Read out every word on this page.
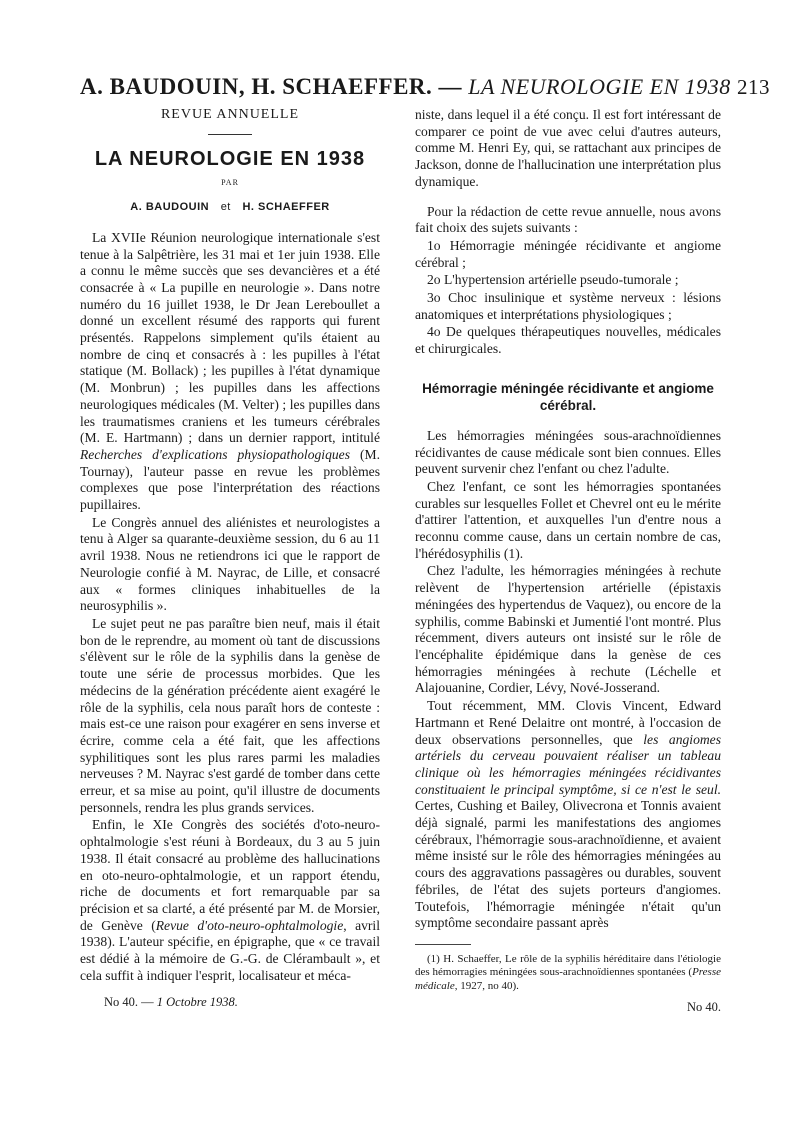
A. BAUDOUIN, H. SCHAEFFER. — LA NEUROLOGIE EN 1938 213
REVUE ANNUELLE
LA NEUROLOGIE EN 1938
PAR
A. BAUDOUIN et H. SCHAEFFER

La XVIIe Réunion neurologique internationale s'est tenue à la Salpêtrière, les 31 mai et 1er juin 1938. Elle a connu le même succès que ses devancières et a été consacrée à « La pupille en neurologie ». Dans notre numéro du 16 juillet 1938, le Dr Jean Lereboullet a donné un excellent résumé des rapports qui furent présentés. Rappelons simplement qu'ils étaient au nombre de cinq et consacrés à : les pupilles à l'état statique (M. Bollack) ; les pupilles à l'état dynamique (M. Monbrun) ; les pupilles dans les affections neurologiques médicales (M. Velter) ; les pupilles dans les traumatismes craniens et les tumeurs cérébrales (M. E. Hartmann) ; dans un dernier rapport, intitulé Recherches d'explications physiopathologiques (M. Tournay), l'auteur passe en revue les problèmes complexes que pose l'interprétation des réactions pupillaires.

Le Congrès annuel des aliénistes et neurologistes a tenu à Alger sa quarante-deuxième session, du 6 au 11 avril 1938. Nous ne retiendrons ici que le rapport de Neurologie confié à M. Nayrac, de Lille, et consacré aux « formes cliniques inhabituelles de la neurosyphilis ».

Le sujet peut ne pas paraître bien neuf, mais il était bon de le reprendre, au moment où tant de discussions s'élèvent sur le rôle de la syphilis dans la genèse de toute une série de processus morbides. Que les médecins de la génération précédente aient exagéré le rôle de la syphilis, cela nous paraît hors de conteste : mais est-ce une raison pour exagérer en sens inverse et écrire, comme cela a été fait, que les affections syphilitiques sont les plus rares parmi les maladies nerveuses ? M. Nayrac s'est gardé de tomber dans cette erreur, et sa mise au point, qu'il illustre de documents personnels, rendra les plus grands services.

Enfin, le XIe Congrès des sociétés d'oto-neuro-ophtalmologie s'est réuni à Bordeaux, du 3 au 5 juin 1938. Il était consacré au problème des hallucinations en oto-neuro-ophtalmologie, et un rapport étendu, riche de documents et fort remarquable par sa précision et sa clarté, a été présenté par M. de Morsier, de Genève (Revue d'oto-neuro-ophtalmologie, avril 1938). L'auteur spécifie, en épigraphe, que « ce travail est dédié à la mémoire de G.-G. de Clérambault », et cela suffit à indiquer l'esprit, localisateur et méca-

No 40. — 1 Octobre 1938.

niste, dans lequel il a été conçu. Il est fort intéressant de comparer ce point de vue avec celui d'autres auteurs, comme M. Henri Ey, qui, se rattachant aux principes de Jackson, donne de l'hallucination une interprétation plus dynamique.

Pour la rédaction de cette revue annuelle, nous avons fait choix des sujets suivants :

1o Hémorragie méningée récidivante et angiome cérébral ;

2o L'hypertension artérielle pseudo-tumorale ;

3o Choc insulinique et système nerveux : lésions anatomiques et interprétations physiologiques ;

4o De quelques thérapeutiques nouvelles, médicales et chirurgicales.

Hémorragie méningée récidivante et angiome cérébral.

Les hémorragies méningées sous-arachnoïdiennes récidivantes de cause médicale sont bien connues. Elles peuvent survenir chez l'enfant ou chez l'adulte.

Chez l'enfant, ce sont les hémorragies spontanées curables sur lesquelles Follet et Chevrel ont eu le mérite d'attirer l'attention, et auxquelles l'un d'entre nous a reconnu comme cause, dans un certain nombre de cas, l'hérédosyphilis (1).

Chez l'adulte, les hémorragies méningées à rechute relèvent de l'hypertension artérielle (épistaxis méningées des hypertendus de Vaquez), ou encore de la syphilis, comme Babinski et Jumentié l'ont montré. Plus récemment, divers auteurs ont insisté sur le rôle de l'encéphalite épidémique dans la genèse de ces hémorragies méningées à rechute (Léchelle et Alajouanine, Cordier, Lévy, Nové-Josserand.

Tout récemment, MM. Clovis Vincent, Edward Hartmann et René Delaitre ont montré, à l'occasion de deux observations personnelles, que les angiomes artériels du cerveau pouvaient réaliser un tableau clinique où les hémorragies méningées récidivantes constituaient le principal symptôme, si ce n'est le seul. Certes, Cushing et Bailey, Olivecrona et Tonnis avaient déjà signalé, parmi les manifestations des angiomes cérébraux, l'hémorragie sous-arachnoïdienne, et avaient même insisté sur le rôle des hémorragies méningées au cours des aggravations passagères ou durables, souvent fébriles, de l'état des sujets porteurs d'angiomes. Toutefois, l'hémorragie méningée n'était qu'un symptôme secondaire passant après

(1) H. Schaeffer, Le rôle de la syphilis héréditaire dans l'étiologie des hémorragies méningées sous-arachnoïdiennes spontanées (Presse médicale, 1927, no 40).

No 40.
